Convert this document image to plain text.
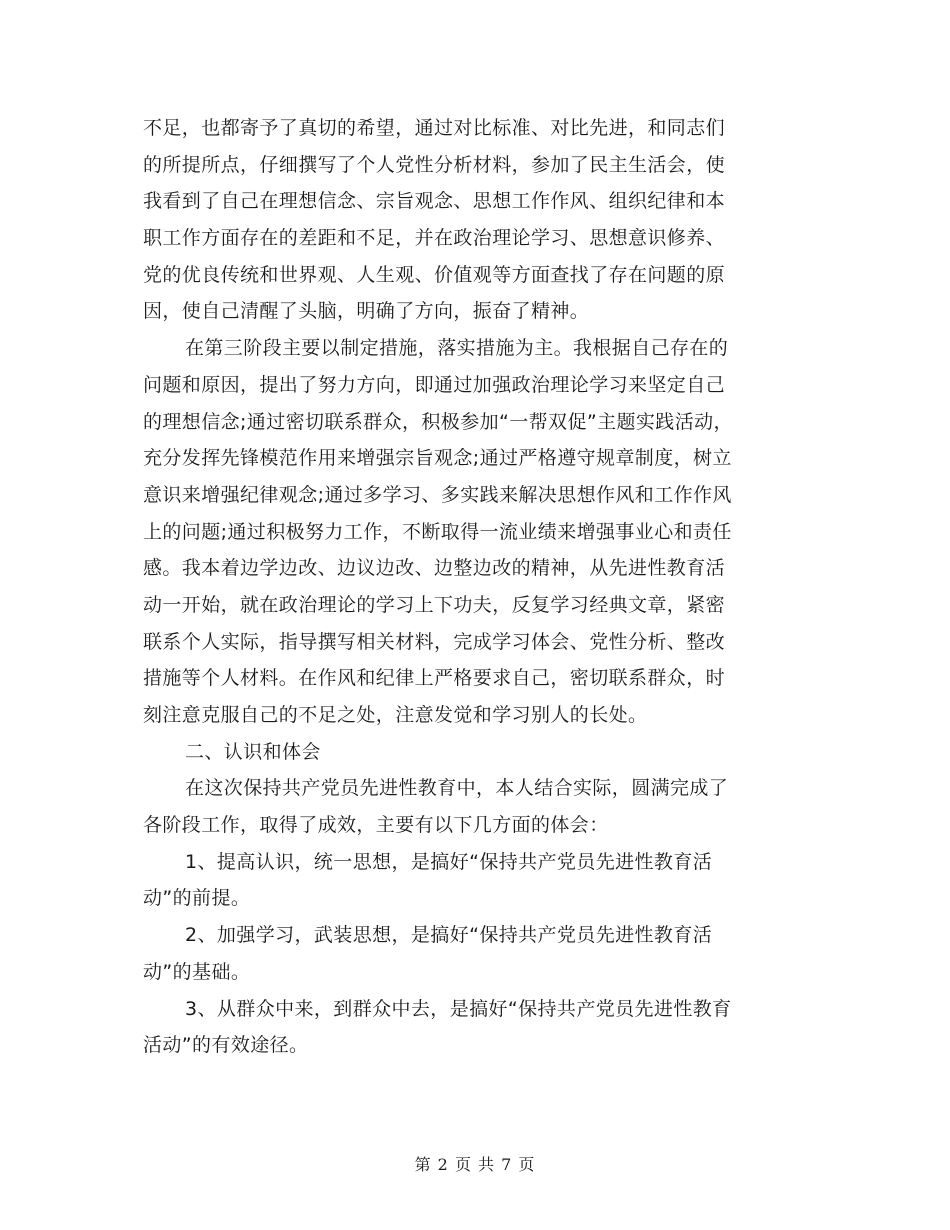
不足，也都寄予了真切的希望，通过对比标准、对比先进，和同志们
的所提所点，仔细撰写了个人党性分析材料，参加了民主生活会，使
我看到了自己在理想信念、宗旨观念、思想工作作风、组织纪律和本
职工作方面存在的差距和不足，并在政治理论学习、思想意识修养、
党的优良传统和世界观、人生观、价值观等方面查找了存在问题的原
因，使自己清醒了头脑，明确了方向，振奋了精神。
在第三阶段主要以制定措施，落实措施为主。我根据自己存在的
问题和原因，提出了努力方向，即通过加强政治理论学习来坚定自己
的理想信念;通过密切联系群众，积极参加“一帮双促”主题实践活动，
充分发挥先锋模范作用来增强宗旨观念;通过严格遵守规章制度，树立
意识来增强纪律观念;通过多学习、多实践来解决思想作风和工作作风
上的问题;通过积极努力工作，不断取得一流业绩来增强事业心和责任
感。我本着边学边改、边议边改、边整边改的精神，从先进性教育活
动一开始，就在政治理论的学习上下功夫，反复学习经典文章，紧密
联系个人实际，指导撰写相关材料，完成学习体会、党性分析、整改
措施等个人材料。在作风和纪律上严格要求自己，密切联系群众，时
刻注意克服自己的不足之处，注意发觉和学习别人的长处。
二、认识和体会
在这次保持共产党员先进性教育中，本人结合实际，圆满完成了
各阶段工作，取得了成效，主要有以下几方面的体会：
1、提高认识，统一思想，是搞好“保持共产党员先进性教育活
动”的前提。
2、加强学习，武装思想，是搞好“保持共产党员先进性教育活
动”的基础。
3、从群众中来，到群众中去，是搞好“保持共产党员先进性教育
活动”的有效途径。
第 2 页 共 7 页
